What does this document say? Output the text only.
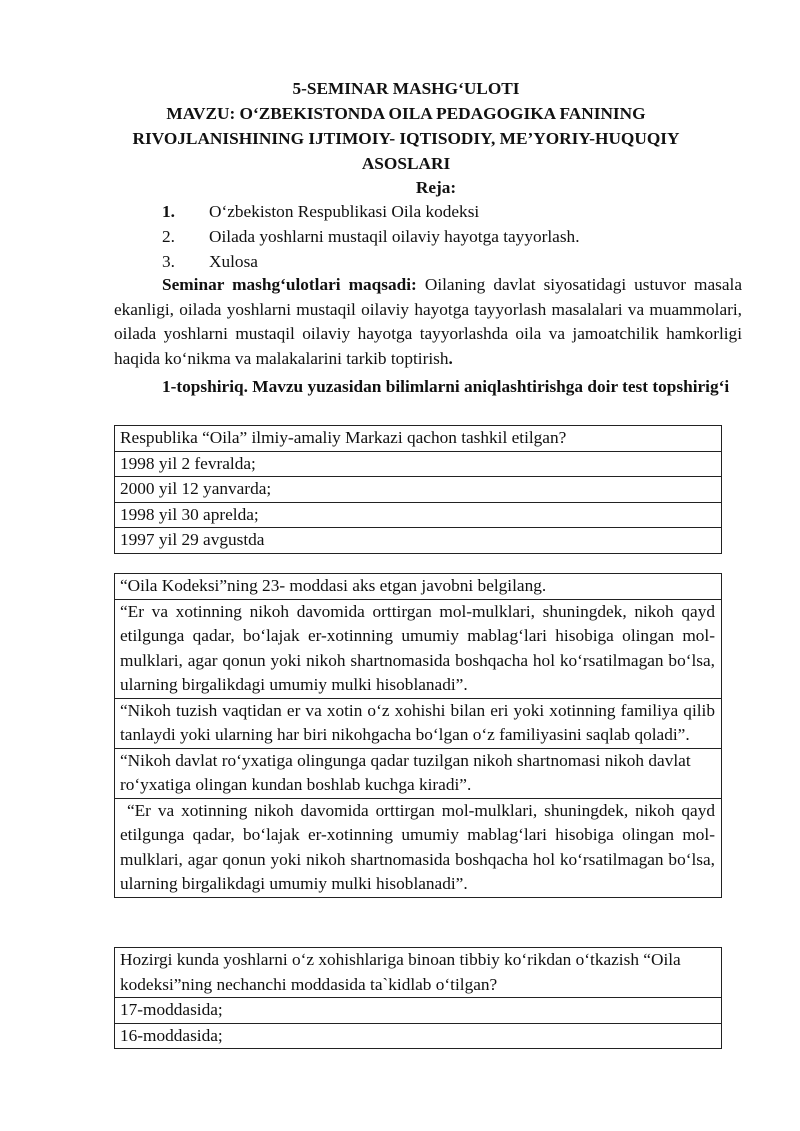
5-SEMINAR MASHG‘ULOTI
MAVZU: O‘ZBEKISTONDA OILA PEDAGOGIKA FANINING RIVOJLANISHINING IJTIMOIY- IQTISODIY, ME’YORIY-HUQUQIY ASOSLARI
Reja:
1.	O‘zbekiston Respublikasi Oila kodeksi
2.	Oilada yoshlarni mustaqil oilaviy hayotga tayyorlash.
3.	Xulosa
Seminar mashg‘ulotlari maqsadi: Oilaning davlat siyosatidagi ustuvor masala ekanligi, oilada yoshlarni mustaqil oilaviy hayotga tayyorlash masalalari va muammolari, oilada yoshlarni mustaqil oilaviy hayotga tayyorlashda oila va jamoatchilik hamkorligi haqida ko‘nikma va malakalarini tarkib toptirish.
1-topshiriq. Mavzu yuzasidan bilimlarni aniqlashtirishga doir test topshirig‘i
Respublika “Oila” ilmiy-amaliy Markazi qachon tashkil etilgan?
1998 yil 2 fevralda;
2000 yil 12 yanvarda;
1998 yil 30 aprelda;
1997 yil 29 avgustda
“Oila Kodeksi”ning 23- moddasi aks etgan javobni belgilang.
“Er va xotinning nikoh davomida orttirgan mol-mulklari, shuningdek, nikoh qayd etilgunga qadar, bo‘lajak er-xotinning umumiy mablag‘lari hisobiga olingan mol-mulklari, agar qonun yoki nikoh shartnomasida boshqacha hol ko‘rsatilmagan bo‘lsa, ularning birgalikdagi umumiy mulki hisoblanadi”.
“Nikoh tuzish vaqtidan er va xotin o‘z xohishi bilan eri yoki xotinning familiya qilib tanlaydi yoki ularning har biri nikohgacha bo‘lgan o‘z familiyasini saqlab qoladi”.
“Nikoh davlat ro‘yxatiga olingunga qadar tuzilgan nikoh shartnomasi nikoh davlat ro‘yxatiga olingan kundan boshlab kuchga kiradi”.
“Er va xotinning nikoh davomida orttirgan mol-mulklari, shuningdek, nikoh qayd etilgunga qadar, bo‘lajak er-xotinning umumiy mablag‘lari hisobiga olingan mol-mulklari, agar qonun yoki nikoh shartnomasida boshqacha hol ko‘rsatilmagan bo‘lsa, ularning birgalikdagi umumiy mulki hisoblanadi”.
Hozirgi kunda yoshlarni o‘z xohishlariga binoan tibbiy ko‘rikdan o‘tkazish “Oila kodeksi”ning nechanchi moddasida ta`kidlab o‘tilgan?
17-moddasida;
16-moddasida;
